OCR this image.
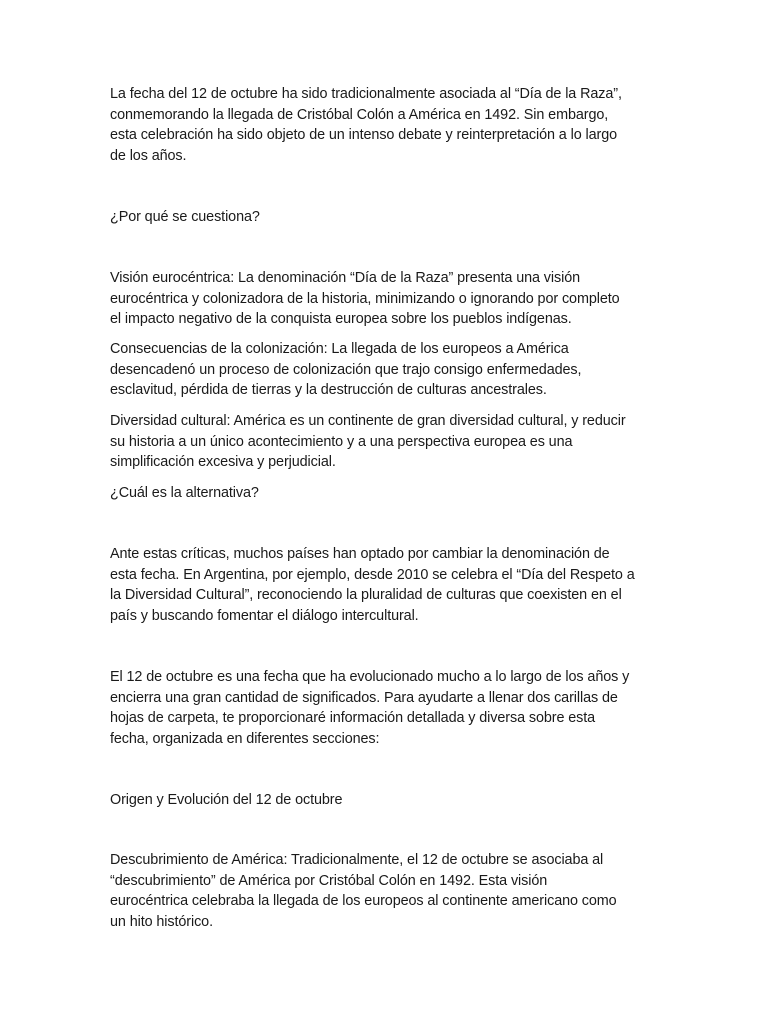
La fecha del 12 de octubre ha sido tradicionalmente asociada al “Día de la Raza”,
conmemorando la llegada de Cristóbal Colón a América en 1492. Sin embargo,
esta celebración ha sido objeto de un intenso debate y reinterpretación a lo largo
de los años.

¿Por qué se cuestiona?

Visión eurocéntrica: La denominación “Día de la Raza” presenta una visión
eurocéntrica y colonizadora de la historia, minimizando o ignorando por completo
el impacto negativo de la conquista europea sobre los pueblos indígenas.

Consecuencias de la colonización: La llegada de los europeos a América
desencadenó un proceso de colonización que trajo consigo enfermedades,
esclavitud, pérdida de tierras y la destrucción de culturas ancestrales.

Diversidad cultural: América es un continente de gran diversidad cultural, y reducir
su historia a un único acontecimiento y a una perspectiva europea es una
simplificación excesiva y perjudicial.

¿Cuál es la alternativa?

Ante estas críticas, muchos países han optado por cambiar la denominación de
esta fecha. En Argentina, por ejemplo, desde 2010 se celebra el “Día del Respeto a
la Diversidad Cultural”, reconociendo la pluralidad de culturas que coexisten en el
país y buscando fomentar el diálogo intercultural.

El 12 de octubre es una fecha que ha evolucionado mucho a lo largo de los años y
encierra una gran cantidad de significados. Para ayudarte a llenar dos carillas de
hojas de carpeta, te proporcionaré información detallada y diversa sobre esta
fecha, organizada en diferentes secciones:

Origen y Evolución del 12 de octubre

Descubrimiento de América: Tradicionalmente, el 12 de octubre se asociaba al
“descubrimiento” de América por Cristóbal Colón en 1492. Esta visión
eurocéntrica celebraba la llegada de los europeos al continente americano como
un hito histórico.
